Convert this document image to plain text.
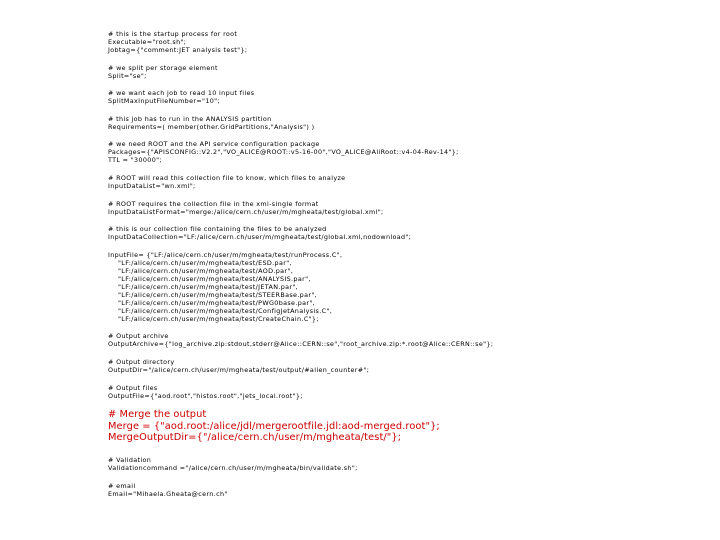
# this is the startup process for root
Executable="root.sh";
Jobtag={"comment:JET analysis test"};
# we split per storage element
Split="se";
# we want each job to read 10 input files
SplitMaxInputFileNumber="10";
# this job has to run in the ANALYSIS partition
Requirements=( member(other.GridPartitions,"Analysis") )
# we need ROOT and the API service configuration package
Packages={"APISCONFIG::V2.2","VO_ALICE@ROOT::v5-16-00","VO_ALICE@AliRoot::v4-04-Rev-14"};
TTL = "30000";
# ROOT will read this collection file to know, which files to analyze
InputDataList="wn.xml";
# ROOT requires the collection file in the xml-single format
InputDataListFormat="merge:/alice/cern.ch/user/m/mgheata/test/global.xml";
# this is our collection file containing the files to be analyzed
InputDataCollection="LF:/alice/cern.ch/user/m/mgheata/test/global.xml,nodownload";
InputFile= {"LF:/alice/cern.ch/user/m/mgheata/test/runProcess.C",
"LF:/alice/cern.ch/user/m/mgheata/test/ESD.par",
"LF:/alice/cern.ch/user/m/mgheata/test/AOD.par",
"LF:/alice/cern.ch/user/m/mgheata/test/ANALYSIS.par",
"LF:/alice/cern.ch/user/m/mgheata/test/JETAN.par",
"LF:/alice/cern.ch/user/m/mgheata/test/STEERBase.par",
"LF:/alice/cern.ch/user/m/mgheata/test/PWG0base.par",
"LF:/alice/cern.ch/user/m/mgheata/test/ConfigJetAnalysis.C",
"LF:/alice/cern.ch/user/m/mgheata/test/CreateChain.C"};
# Output archive
OutputArchive={"log_archive.zip:stdout,stderr@Alice::CERN::se","root_archive.zip:*.root@Alice::CERN::se"};
# Output directory
OutputDir="/alice/cern.ch/user/m/mgheata/test/output/#alien_counter#";
# Output files
OutputFile={"aod.root","histos.root","jets_local.root"};
# Merge the output
Merge = {"aod.root:/alice/jdl/mergerootfile.jdl:aod-merged.root"};
MergeOutputDir={"/alice/cern.ch/user/m/mgheata/test/"};
# Validation
Validationcommand ="/alice/cern.ch/user/m/mgheata/bin/validate.sh";
# email
Email="Mihaela.Gheata@cern.ch"
